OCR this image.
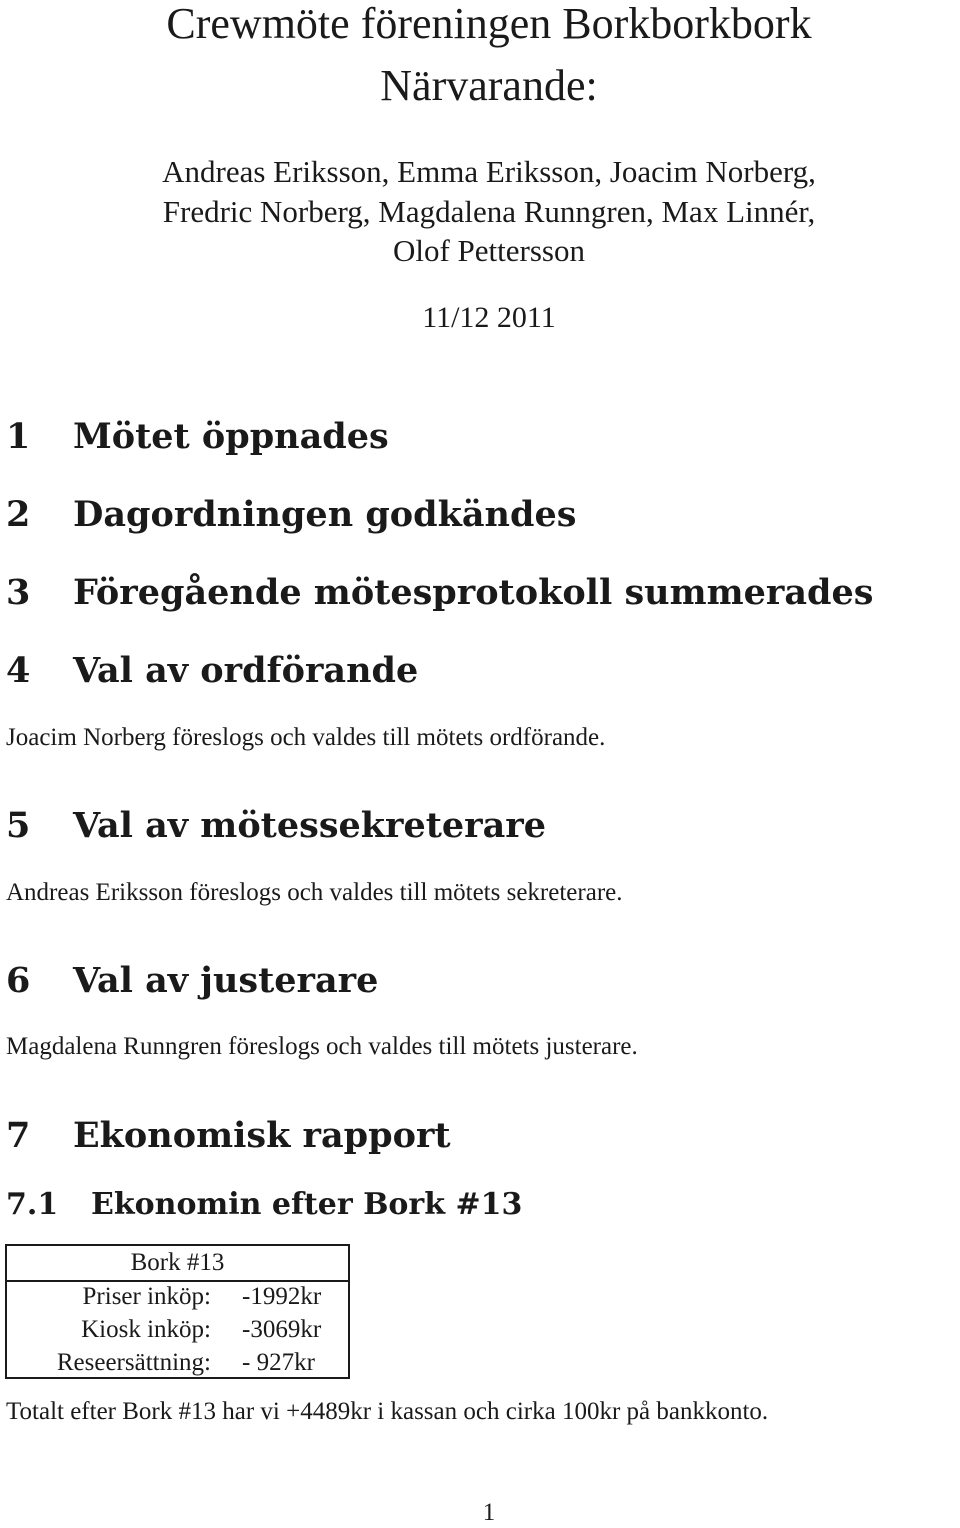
Crewmöte föreningen Borkborkbork
Närvarande:
Andreas Eriksson, Emma Eriksson, Joacim Norberg,
Fredric Norberg, Magdalena Runngren, Max Linnér,
Olof Pettersson
11/12 2011
1 Mötet öppnades
2 Dagordningen godkändes
3 Föregående mötesprotokoll summerades
4 Val av ordförande
Joacim Norberg föreslogs och valdes till mötets ordförande.
5 Val av mötessekreterare
Andreas Eriksson föreslogs och valdes till mötets sekreterare.
6 Val av justerare
Magdalena Runngren föreslogs och valdes till mötets justerare.
7 Ekonomisk rapport
7.1 Ekonomin efter Bork #13
Bork #13
Priser inköp: -1992kr
Kiosk inköp: -3069kr
Reseersättning: - 927kr
Totalt efter Bork #13 har vi +4489kr i kassan och cirka 100kr på bankkonto.
1
